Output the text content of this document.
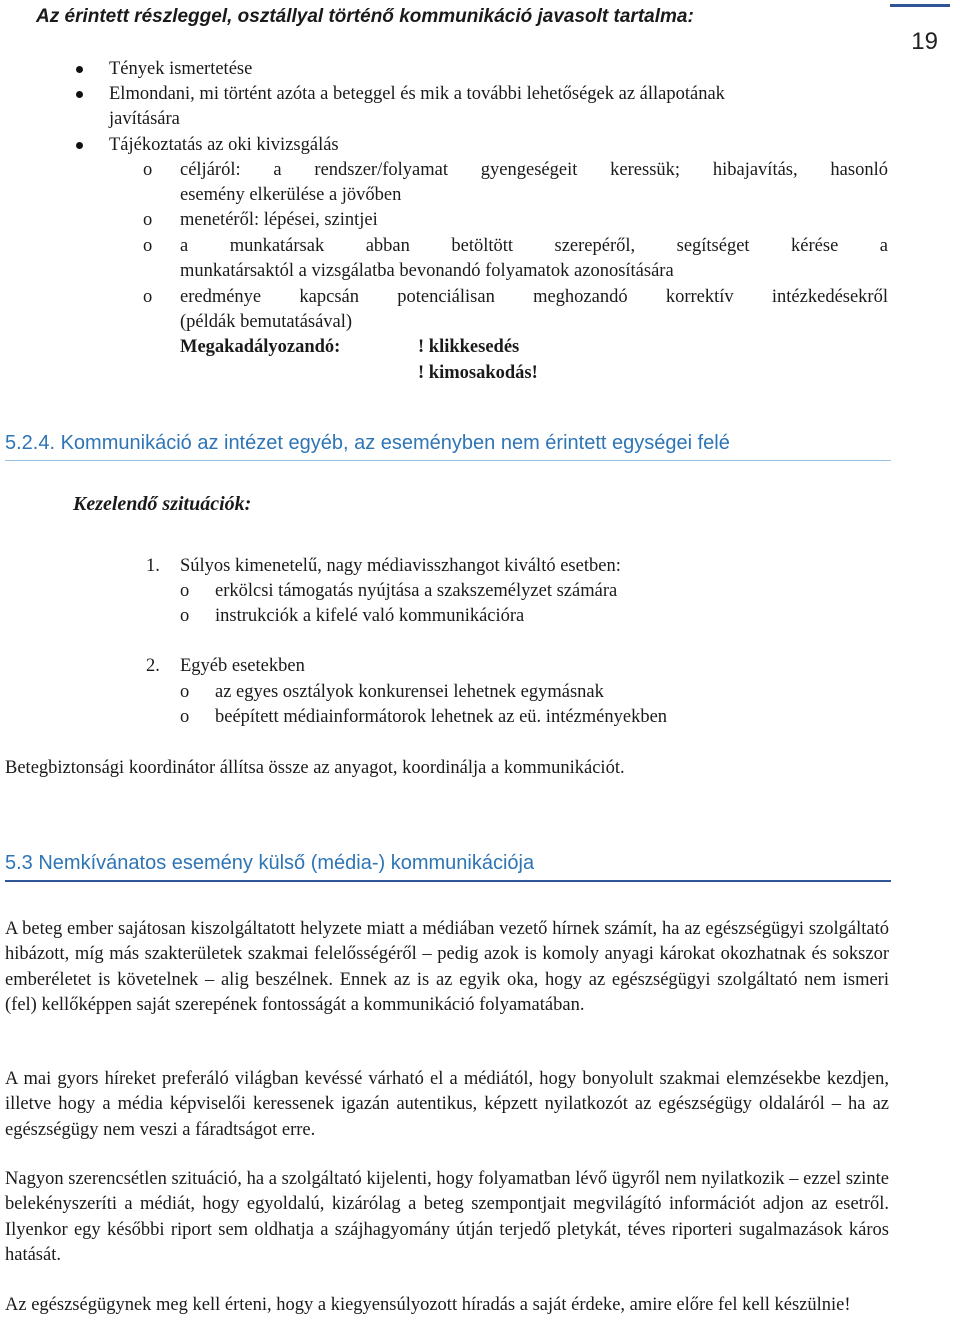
19
Az érintett részleggel, osztállyal történő kommunikáció javasolt tartalma:
Tények ismertetése
Elmondani, mi történt azóta a beteggel és mik a további lehetőségek az állapotának
javítására
Tájékoztatás az oki kivizsgálás
o céljáról: a rendszer/folyamat gyengeségeit keressük; hibajavítás, hasonló
esemény elkerülése a jövőben
o menetéről: lépései, szintjei
o a munkatársak abban betöltött szerepéről, segítséget kérése a
munkatársaktól a vizsgálatba bevonandó folyamatok azonosítására
o eredménye kapcsán potenciálisan meghozandó korrektív intézkedésekről
(példák bemutatásával)
Megakadályozandó:	! klikkesedés
! kimosakodás!
5.2.4. Kommunikáció az intézet egyéb, az eseményben nem érintett egységei felé
Kezelendő szituációk:
1. Súlyos kimenetelű, nagy médiavisszhangot kiváltó esetben:
o erkölcsi támogatás nyújtása a szakszemélyzet számára
o instrukciók a kifelé való kommunikációra
2. Egyéb esetekben
o az egyes osztályok konkurensei lehetnek egymásnak
o beépített médiainformátorok lehetnek az eü. intézményekben
Betegbiztonsági koordinátor állítsa össze az anyagot, koordinálja a kommunikációt.
5.3 Nemkívánatos esemény külső (média-) kommunikációja
A beteg ember sajátosan kiszolgáltatott helyzete miatt a médiában vezető hírnek számít, ha az egészségügyi szolgáltató hibázott, míg más szakterületek szakmai felelősségéről – pedig azok is komoly anyagi károkat okozhatnak és sokszor emberéletet is követelnek – alig beszélnek. Ennek az is az egyik oka, hogy az egészségügyi szolgáltató nem ismeri (fel) kellőképpen saját szerepének fontosságát a kommunikáció folyamatában.
A mai gyors híreket preferáló világban kevéssé várható el a médiától, hogy bonyolult szakmai elemzésekbe kezdjen, illetve hogy a média képviselői keressenek igazán autentikus, képzett nyilatkozót az egészségügy oldaláról – ha az egészségügy nem veszi a fáradtságot erre.
Nagyon szerencsétlen szituáció, ha a szolgáltató kijelenti, hogy folyamatban lévő ügyről nem nyilatkozik – ezzel szinte belekényszeríti a médiát, hogy egyoldalú, kizárólag a beteg szempontjait megvilágító információt adjon az esetről. Ilyenkor egy későbbi riport sem oldhatja a szájhagyomány útján terjedő pletykát, téves riporteri sugalmazások káros hatását.
Az egészségügynek meg kell érteni, hogy a kiegyensúlyozott híradás a saját érdeke, amire előre fel kell készülnie!
